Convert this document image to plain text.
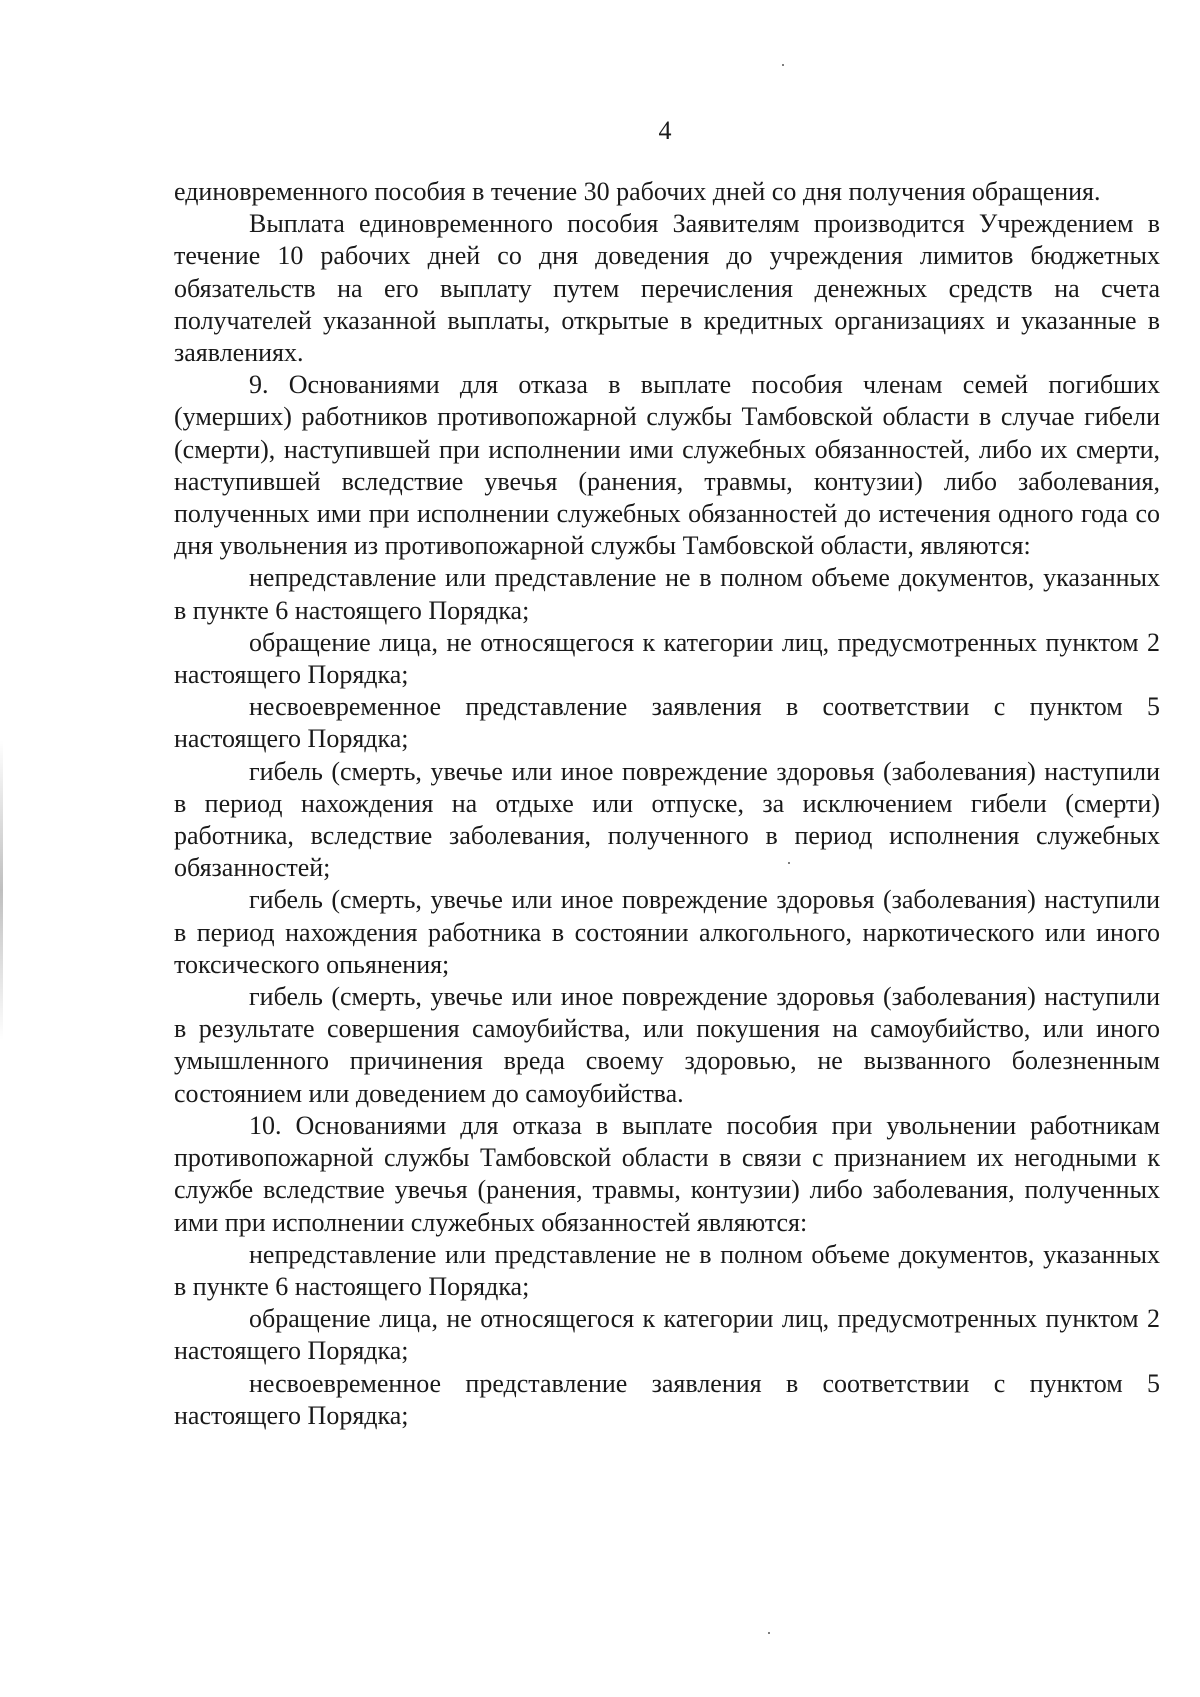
4

единовременного пособия в течение 30 рабочих дней со дня получения обращения.

Выплата единовременного пособия Заявителям производится Учреждением в течение 10 рабочих дней со дня доведения до учреждения лимитов бюджетных обязательств на его выплату путем перечисления денежных средств на счета получателей указанной выплаты, открытые в кредитных организациях и указанные в заявлениях.

9. Основаниями для отказа в выплате пособия членам семей погибших (умерших) работников противопожарной службы Тамбовской области в случае гибели (смерти), наступившей при исполнении ими служебных обязанностей, либо их смерти, наступившей вследствие увечья (ранения, травмы, контузии) либо заболевания, полученных ими при исполнении служебных обязанностей до истечения одного года со дня увольнения из противопожарной службы Тамбовской области, являются:

непредставление или представление не в полном объеме документов, указанных в пункте 6 настоящего Порядка;

обращение лица, не относящегося к категории лиц, предусмотренных пунктом 2 настоящего Порядка;

несвоевременное представление заявления в соответствии с пунктом 5 настоящего Порядка;

гибель (смерть, увечье или иное повреждение здоровья (заболевания) наступили в период нахождения на отдыхе или отпуске, за исключением гибели (смерти) работника, вследствие заболевания, полученного в период исполнения служебных обязанностей;

гибель (смерть, увечье или иное повреждение здоровья (заболевания) наступили в период нахождения работника в состоянии алкогольного, наркотического или иного токсического опьянения;

гибель (смерть, увечье или иное повреждение здоровья (заболевания) наступили в результате совершения самоубийства, или покушения на самоубийство, или иного умышленного причинения вреда своему здоровью, не вызванного болезненным состоянием или доведением до самоубийства.

10. Основаниями для отказа в выплате пособия при увольнении работникам противопожарной службы Тамбовской области в связи с признанием их негодными к службе вследствие увечья (ранения, травмы, контузии) либо заболевания, полученных ими при исполнении служебных обязанностей являются:

непредставление или представление не в полном объеме документов, указанных в пункте 6 настоящего Порядка;

обращение лица, не относящегося к категории лиц, предусмотренных пунктом 2 настоящего Порядка;

несвоевременное представление заявления в соответствии с пунктом 5 настоящего Порядка;
